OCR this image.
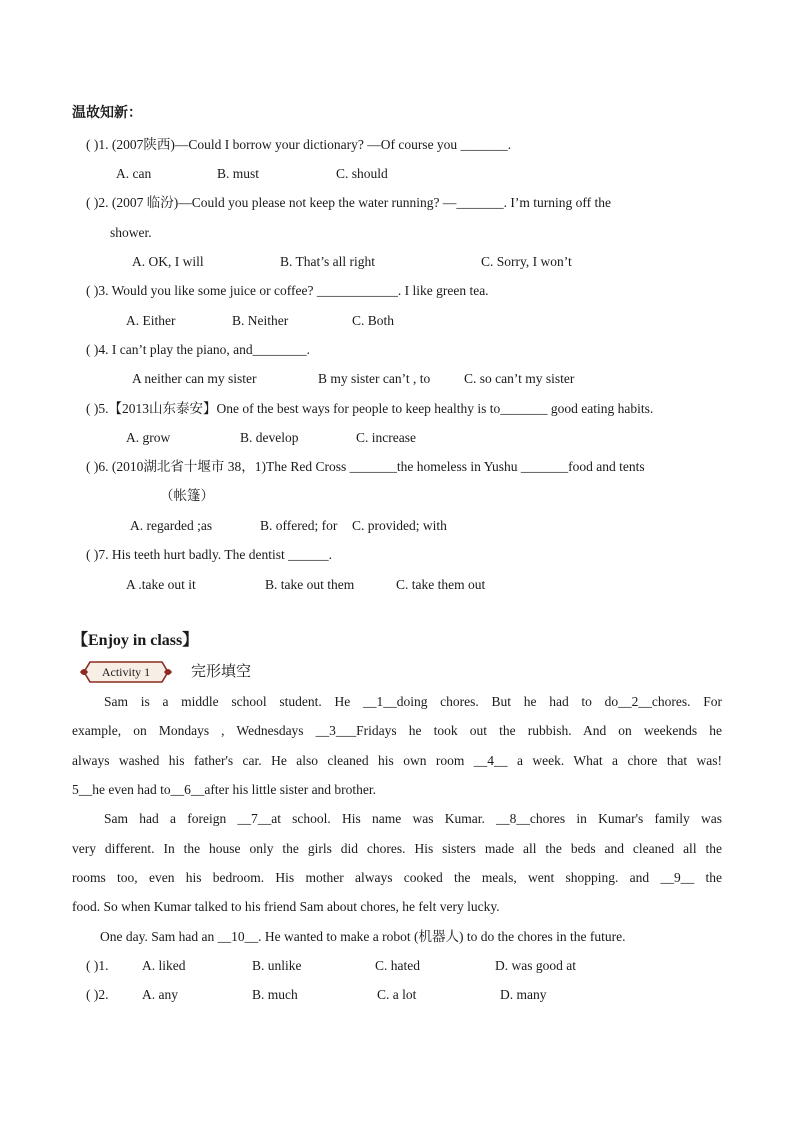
温故知新：
( )1. (2007陕西)—Could I borrow your dictionary? —Of course you _______.
A. can	B. must	C. should
( )2. (2007 临汾)—Could you please not keep the water running? —_______. I’m turning off the
shower.
A. OK, I will	B. That’s all right	C. Sorry, I won’t
( )3. Would you like some juice or coffee? ____________. I like green tea.
A. Either	B. Neither	C. Both
( )4. I can’t play the piano, and________.
A neither can my sister	B my sister can’t , to	C. so can’t my sister
( )5.【2013山东泰安】One of the best ways for people to keep healthy is to_______ good eating habits.
A. grow	B. develop	C. increase
( )6. (2010湖北省十堰市 38，1)The Red Cross _______the homeless in Yushu _______food and tents
（帐篷）
A. regarded ;as	B. offered; for C. provided; with
( )7. His teeth hurt badly. The dentist ______.
A .take out it	B. take out them	C. take them out
【Enjoy in class】
Activity 1	完形填空
Sam is a middle school student. He __1__doing chores. But he had to do__2__chores. For
example, on Mondays , Wednesdays __3___Fridays he took out the rubbish. And on weekends he
always washed his father's car. He also cleaned his own room __4__ a week. What a chore that was!
5__he even had to__6__after his little sister and brother.
Sam had a foreign __7__at school. His name was Kumar. __8__chores in Kumar's family was
very different. In the house only the girls did chores. His sisters made all the beds and cleaned all the
rooms too, even his bedroom. His mother always cooked the meals, went shopping. and __9__ the
food. So when Kumar talked to his friend Sam about chores, he felt very lucky.
One day. Sam had an __10__. He wanted to make a robot (机器人) to do the chores in the future.
( )1. A. liked	B. unlike	C. hated	D. was good at
( )2. A. any	B. much	C. a lot	D. many
